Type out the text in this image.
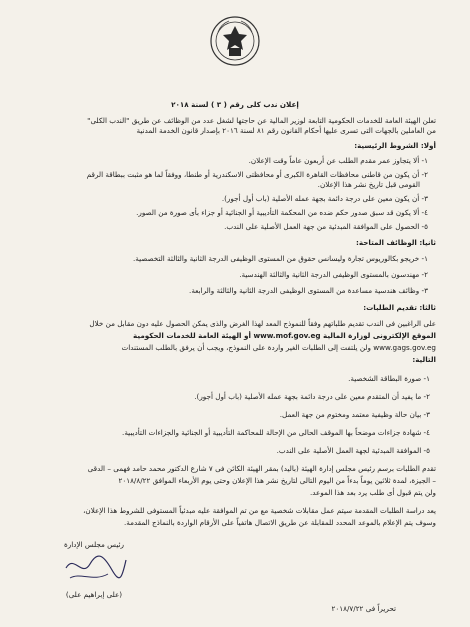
إعلان ندب كلى رقم ( ٣ ) لسنة ٢٠١٨
تعلن الهيئة العامة للخدمات الحكومية التابعة لوزير المالية عن حاجتها لشغل عدد من الوظائف عن طريق "الندب الكلى"
من العاملين بالجهات التى تسرى عليها أحكام القانون رقم ٨١ لسنة ٢٠١٦ بإصدار قانون الخدمة المدنية
أولا: الشروط الرئيسية:
١- ألا يتجاوز عمر مقدم الطلب عن أربعون عاماً وقت الإعلان.
٢- أن يكون من قاطنى محافظات القاهرة الكبرى أو محافظتى الاسكندرية أو طنطا، ووفقاً لما هو مثبت ببطاقة الرقم
القومى قبل تاريخ نشر هذا الإعلان.
٣- أن يكون معين على درجة دائمة بجهة عمله الأصلية (باب أول أجور).
٤- ألا يكون قد سبق صدور حكم ضده من المحكمة التأديبية أو الجنائية أو جزاء بأى صورة من الصور.
٥- الحصول على الموافقة المبدئية من جهة العمل الأصلية على الندب.
ثانيا: الوظائف المتاحة:
١- خريجو بكالوريوس تجارة وليسانس حقوق من المستوى الوظيفى الدرجة الثانية والثالثة التخصصية.
٢- مهندسون بالمستوى الوظيفى الدرجة الثانية والثالثة الهندسية.
٣- وظائف هندسية مساعدة من المستوى الوظيفى الدرجة الثانية والثالثة والرابعة.
ثالثا: تقديم الطلبات:
على الراغبين فى الندب تقديم طلباتهم وفقاً للنموذج المعد لهذا الغرض والذى يمكن الحصول عليه دون مقابل من خلال
الموقع الإلكترونى لوزارة المالية www.mof.gov.eg أو الهيئة العامة للخدمات الحكومية
www.gags.gov.eg ولن يلتفت إلى الطلبات الغير واردة على النموذج، ويجب أن يرفق بالطلب المستندات
التالية:
١- صورة البطاقة الشخصية.
٢- ما يفيد أن المتقدم معين على درجة دائمة بجهة عمله الأصلية (باب أول أجور).
٣- بيان حالة وظيفية معتمد ومختوم من جهة العمل.
٤- شهادة جزاءات موضحاً بها الموقف الحالى من الإحالة للمحاكمة التأديبية أو الجنائية والجزاءات التأديبية.
٥- الموافقة المبدئية لجهة العمل الأصلية على الندب.
تقدم الطلبات برسم رئيس مجلس إدارة الهيئة (باليد) بمقر الهيئة الكائن فى ٧ شارع الدكتور محمد حامد فهمى – الدقى
– الجيزة، لمدة ثلاثين يوماً بدءاً من اليوم التالى لتاريخ نشر هذا الإعلان وحتى يوم الأربعاء الموافق ٢٠١٨/٨/٢٢
ولن يتم قبول أى طلب يرد بعد هذا الموعد.
يعد دراسة الطلبات المقدمة سيتم عمل مقابلات شخصية مع من تم الموافقة عليه مبدئياً المستوفى للشروط هذا الإعلان،
وسوف يتم الإعلام بالموعد المحدد للمقابلة عن طريق الاتصال هاتفياً على الأرقام الواردة بالنماذج المقدمة.
رئيس مجلس الإدارة
(على إبراهيم على)
تحريراً فى ٢٠١٨/٧/٢٢
